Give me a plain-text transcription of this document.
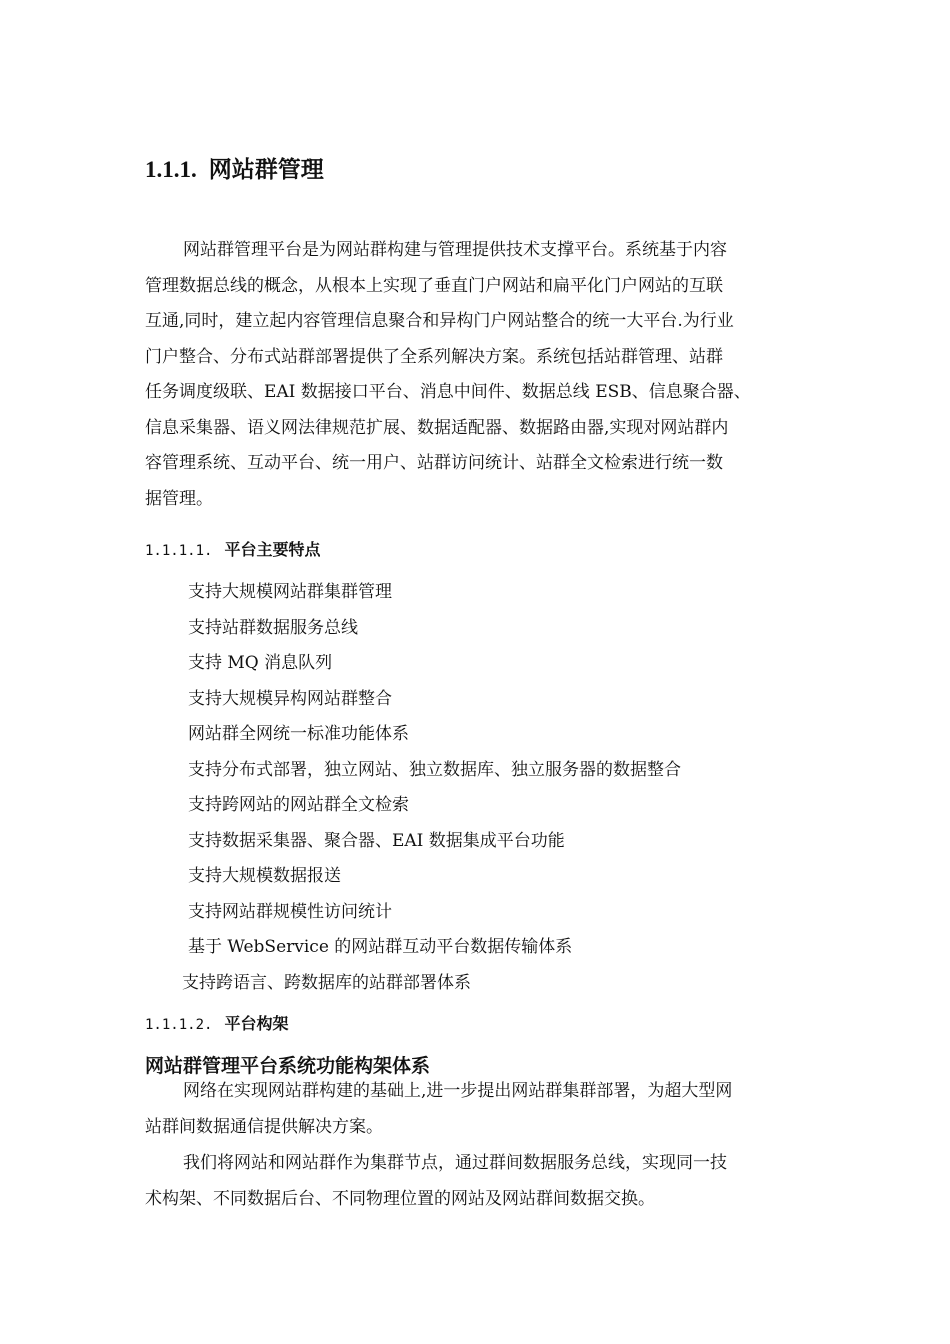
1.1.1. 网站群管理
网站群管理平台是为网站群构建与管理提供技术支撑平台。系统基于内容
管理数据总线的概念，从根本上实现了垂直门户网站和扁平化门户网站的互联
互通,同时，建立起内容管理信息聚合和异构门户网站整合的统一大平台.为行业
门户整合、分布式站群部署提供了全系列解决方案。系统包括站群管理、站群
任务调度级联、EAI 数据接口平台、消息中间件、数据总线 ESB、信息聚合器、
信息采集器、语义网法律规范扩展、数据适配器、数据路由器,实现对网站群内
容管理系统、互动平台、统一用户、站群访问统计、站群全文检索进行统一数
据管理。
1.1.1.1. 平台主要特点
支持大规模网站群集群管理
支持站群数据服务总线
支持 MQ 消息队列
支持大规模异构网站群整合
网站群全网统一标准功能体系
支持分布式部署，独立网站、独立数据库、独立服务器的数据整合
支持跨网站的网站群全文检索
支持数据采集器、聚合器、EAI 数据集成平台功能
支持大规模数据报送
支持网站群规模性访问统计
基于 WebService 的网站群互动平台数据传输体系
支持跨语言、跨数据库的站群部署体系
1.1.1.2. 平台构架
网站群管理平台系统功能构架体系
网络在实现网站群构建的基础上,进一步提出网站群集群部署，为超大型网
站群间数据通信提供解决方案。
我们将网站和网站群作为集群节点，通过群间数据服务总线，实现同一技
术构架、不同数据后台、不同物理位置的网站及网站群间数据交换。
